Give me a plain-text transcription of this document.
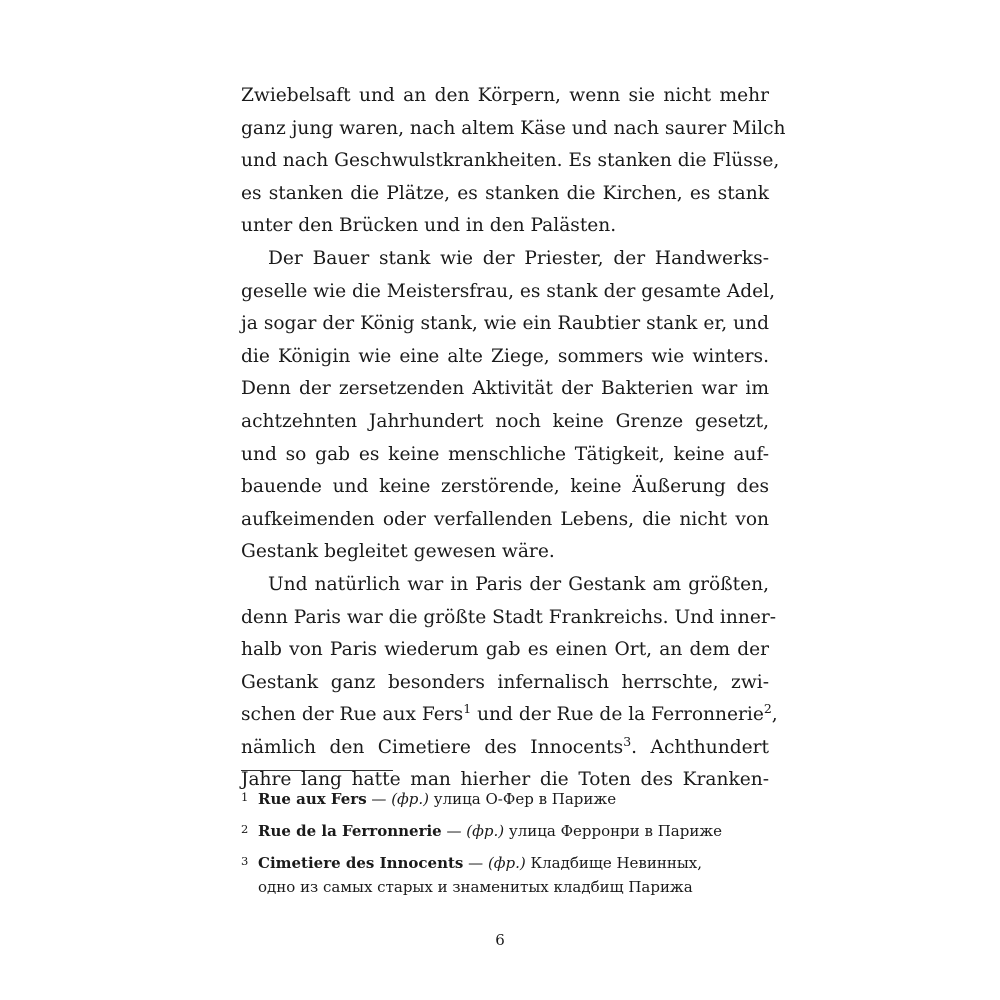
Zwiebelsaft und an den Körpern, wenn sie nicht mehr
ganz jung waren, nach altem Käse und nach saurer Milch
und nach Geschwulstkrankheiten. Es stanken die Flüsse,
es stanken die Plätze, es stanken die Kirchen, es stank
unter den Brücken und in den Palästen.
Der Bauer stank wie der Priester, der Handwerks-
geselle wie die Meistersfrau, es stank der gesamte Adel,
ja sogar der König stank, wie ein Raubtier stank er, und
die Königin wie eine alte Ziege, sommers wie winters.
Denn der zersetzenden Aktivität der Bakterien war im
achtzehnten Jahrhundert noch keine Grenze gesetzt,
und so gab es keine menschliche Tätigkeit, keine auf-
bauende und keine zerstörende, keine Äußerung des
aufkeimenden oder verfallenden Lebens, die nicht von
Gestank begleitet gewesen wäre.
Und natürlich war in Paris der Gestank am größten,
denn Paris war die größte Stadt Frankreichs. Und inner-
halb von Paris wiederum gab es einen Ort, an dem der
Gestank ganz besonders infernalisch herrschte, zwi-
schen der Rue aux Fers$^1$ und der Rue de la Ferronnerie$^2$,
nämlich den Cimetiere des Innocents$^3$. Achthundert
Jahre lang hatte man hierher die Toten des Kranken-
1 Rue aux Fers — (фр.) улица О-Фер в Париже
2 Rue de la Ferronnerie — (фр.) улица Ферронри в Париже
3 Cimetiere des Innocents — (фр.) Кладбище Невинных,
одно из самых старых и знаменитых кладбищ Парижа
6
